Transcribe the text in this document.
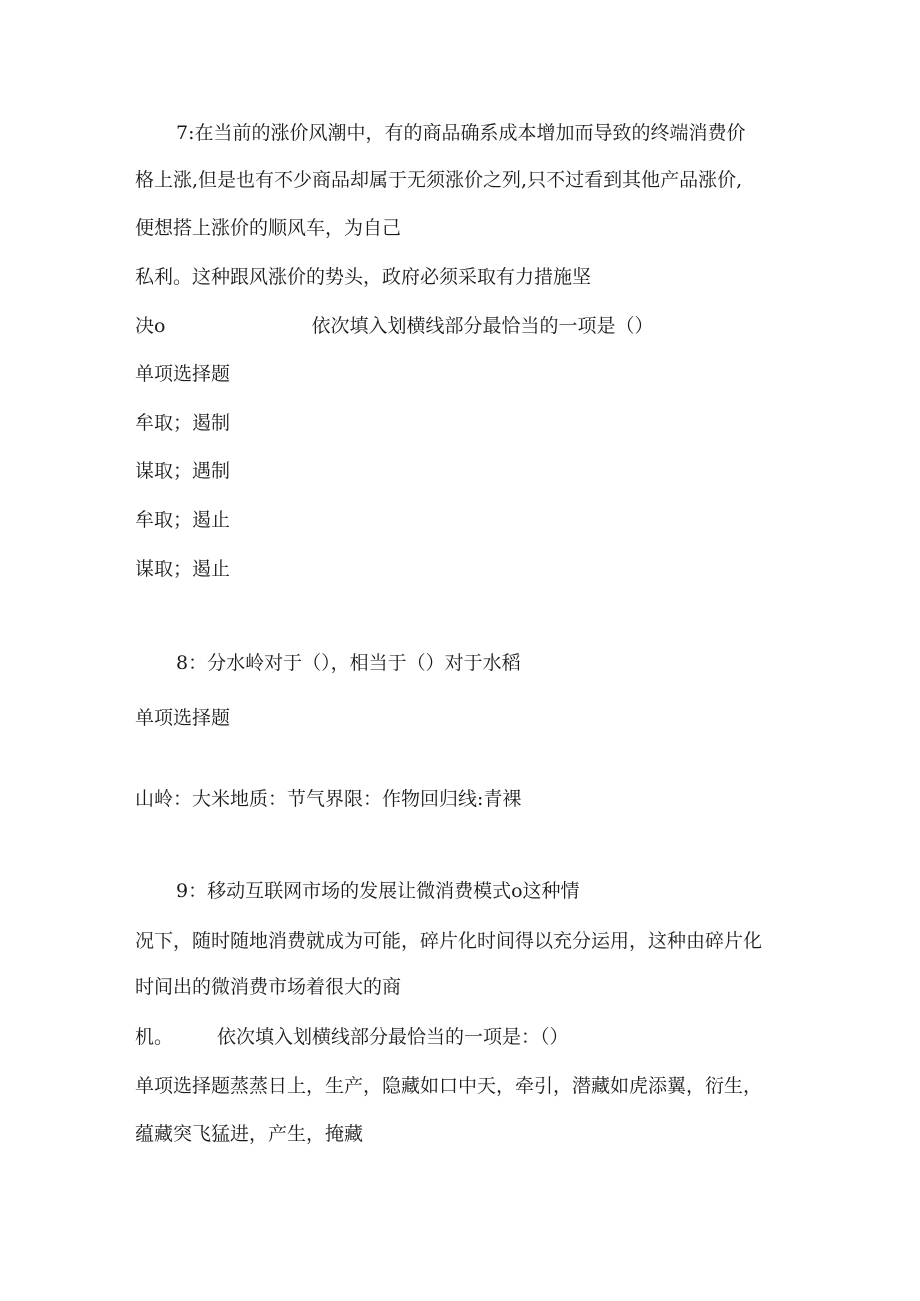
7:在当前的涨价风潮中，有的商品确系成本增加而导致的终端消费价
格上涨,但是也有不少商品却属于无须涨价之列,只不过看到其他产品涨价,
便想搭上涨价的顺风车，为自己
私利。这种跟风涨价的势头，政府必须采取有力措施坚
决o	依次填入划横线部分最恰当的一项是（）
单项选择题
牟取；遏制
谋取；遇制
牟取；遏止
谋取；遏止
8：分水岭对于（），相当于（）对于水稻
单项选择题
山岭：大米地质：节气界限：作物回归线:青裸
9：移动互联网市场的发展让微消费模式o这种情
况下，随时随地消费就成为可能，碎片化时间得以充分运用，这种由碎片化
时间出的微消费市场着很大的商
机。 依次填入划横线部分最恰当的一项是：（）
单项选择题蒸蒸日上，生产，隐藏如口中天，牵引，潜藏如虎添翼，衍生，
蕴藏突飞猛进，产生，掩藏
